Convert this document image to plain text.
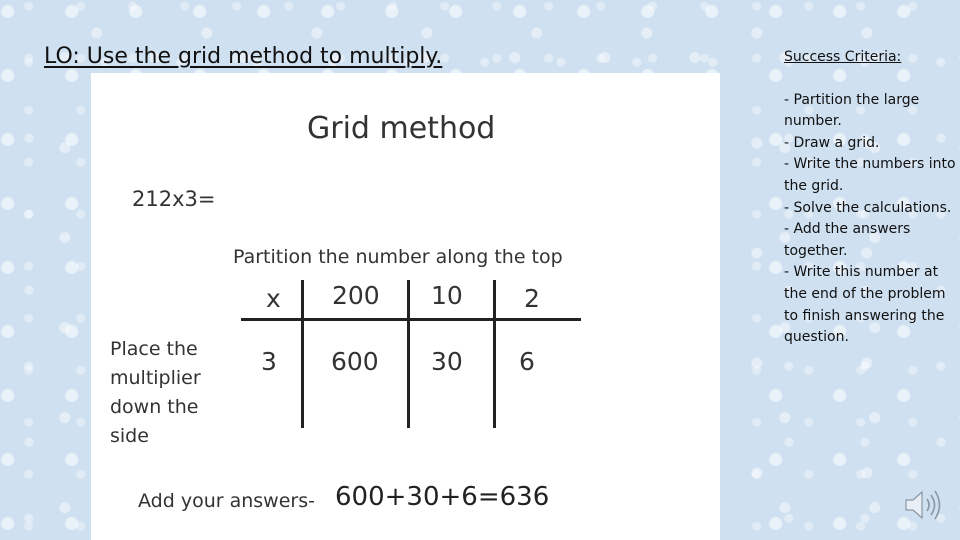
LO: Use the grid method to multiply.
Grid method
212x3=
Partition the number along the top
x 200 10 2
3 600 30 6
Place the multiplier down the side
Add your answers- 600+30+6=636
Success Criteria:
- Partition the large number.
- Draw a grid.
- Write the numbers into the grid.
- Solve the calculations.
- Add the answers together.
- Write this number at the end of the problem to finish answering the question.
